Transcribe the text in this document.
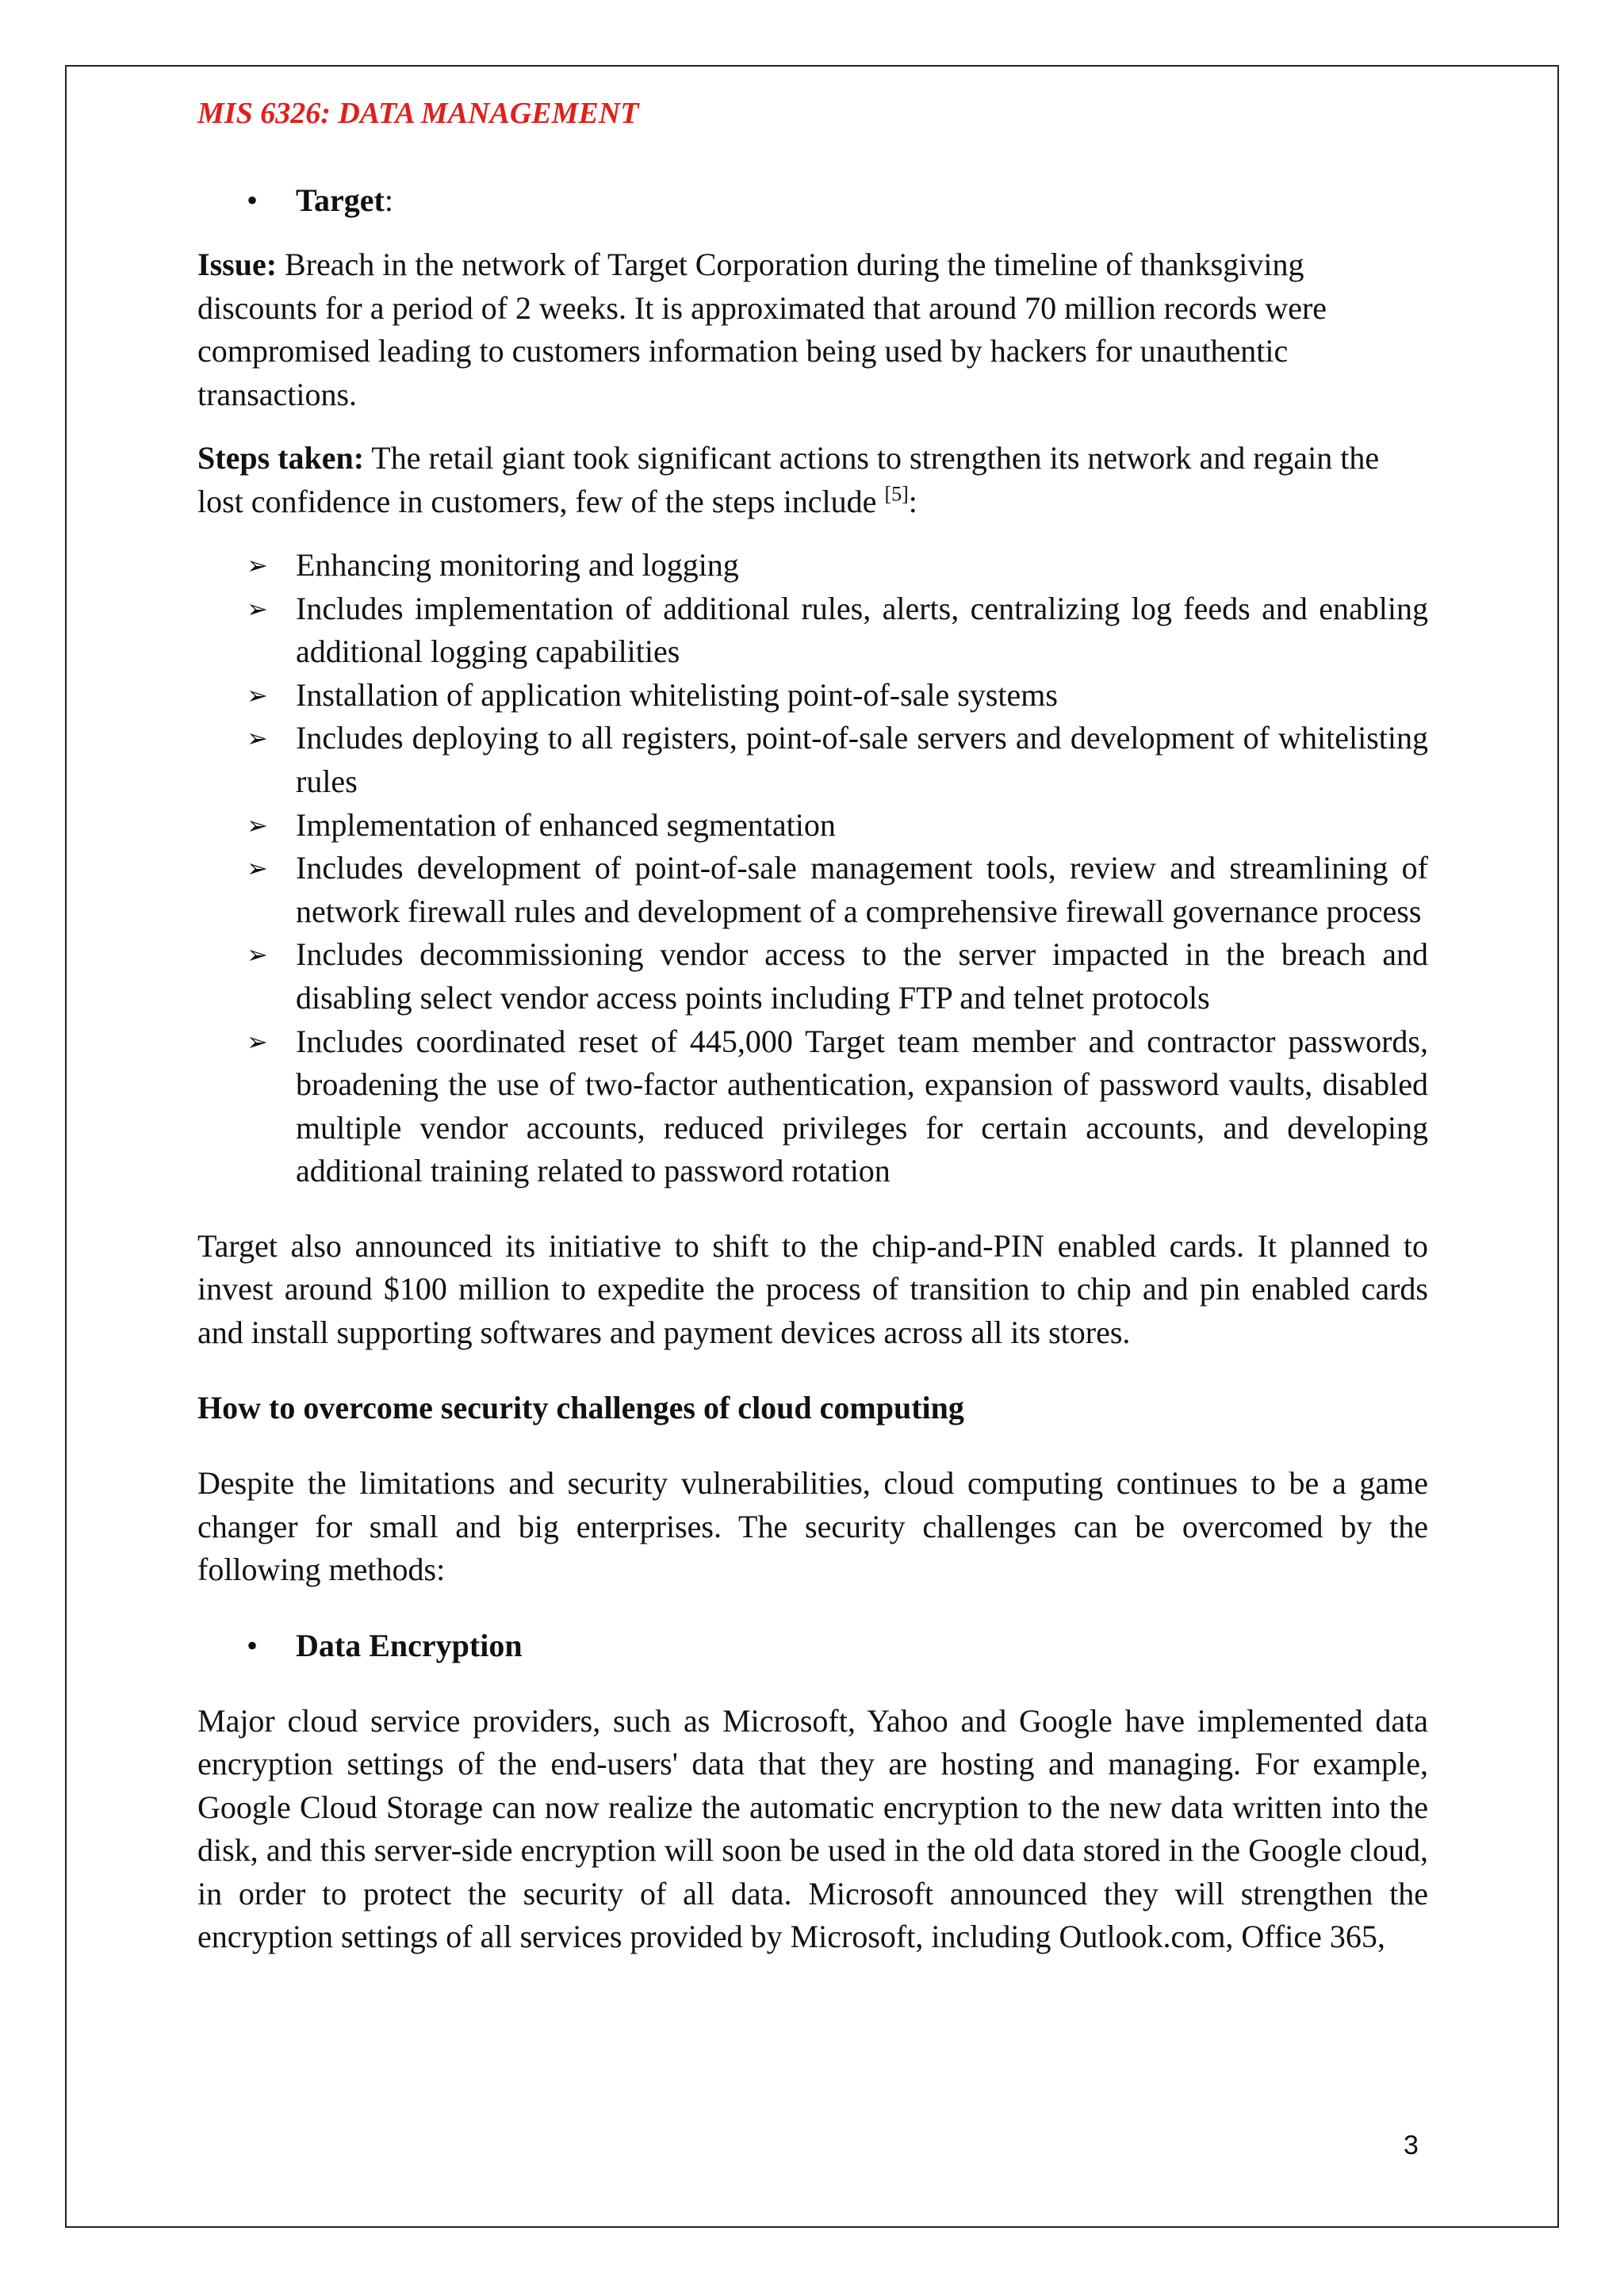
MIS 6326: DATA MANAGEMENT
• Target:

Issue: Breach in the network of Target Corporation during the timeline of thanksgiving discounts for a period of 2 weeks. It is approximated that around 70 million records were compromised leading to customers information being used by hackers for unauthentic transactions.

Steps taken: The retail giant took significant actions to strengthen its network and regain the lost confidence in customers, few of the steps include [5]:

➢ Enhancing monitoring and logging
➢ Includes implementation of additional rules, alerts, centralizing log feeds and enabling additional logging capabilities
➢ Installation of application whitelisting point-of-sale systems
➢ Includes deploying to all registers, point-of-sale servers and development of whitelisting rules
➢ Implementation of enhanced segmentation
➢ Includes development of point-of-sale management tools, review and streamlining of network firewall rules and development of a comprehensive firewall governance process
➢ Includes decommissioning vendor access to the server impacted in the breach and disabling select vendor access points including FTP and telnet protocols
➢ Includes coordinated reset of 445,000 Target team member and contractor passwords, broadening the use of two-factor authentication, expansion of password vaults, disabled multiple vendor accounts, reduced privileges for certain accounts, and developing additional training related to password rotation

Target also announced its initiative to shift to the chip-and-PIN enabled cards. It planned to invest around $100 million to expedite the process of transition to chip and pin enabled cards and install supporting softwares and payment devices across all its stores.

How to overcome security challenges of cloud computing

Despite the limitations and security vulnerabilities, cloud computing continues to be a game changer for small and big enterprises. The security challenges can be overcomed by the following methods:

• Data Encryption

Major cloud service providers, such as Microsoft, Yahoo and Google have implemented data encryption settings of the end-users' data that they are hosting and managing. For example, Google Cloud Storage can now realize the automatic encryption to the new data written into the disk, and this server-side encryption will soon be used in the old data stored in the Google cloud, in order to protect the security of all data. Microsoft announced they will strengthen the encryption settings of all services provided by Microsoft, including Outlook.com, Office 365,

3
